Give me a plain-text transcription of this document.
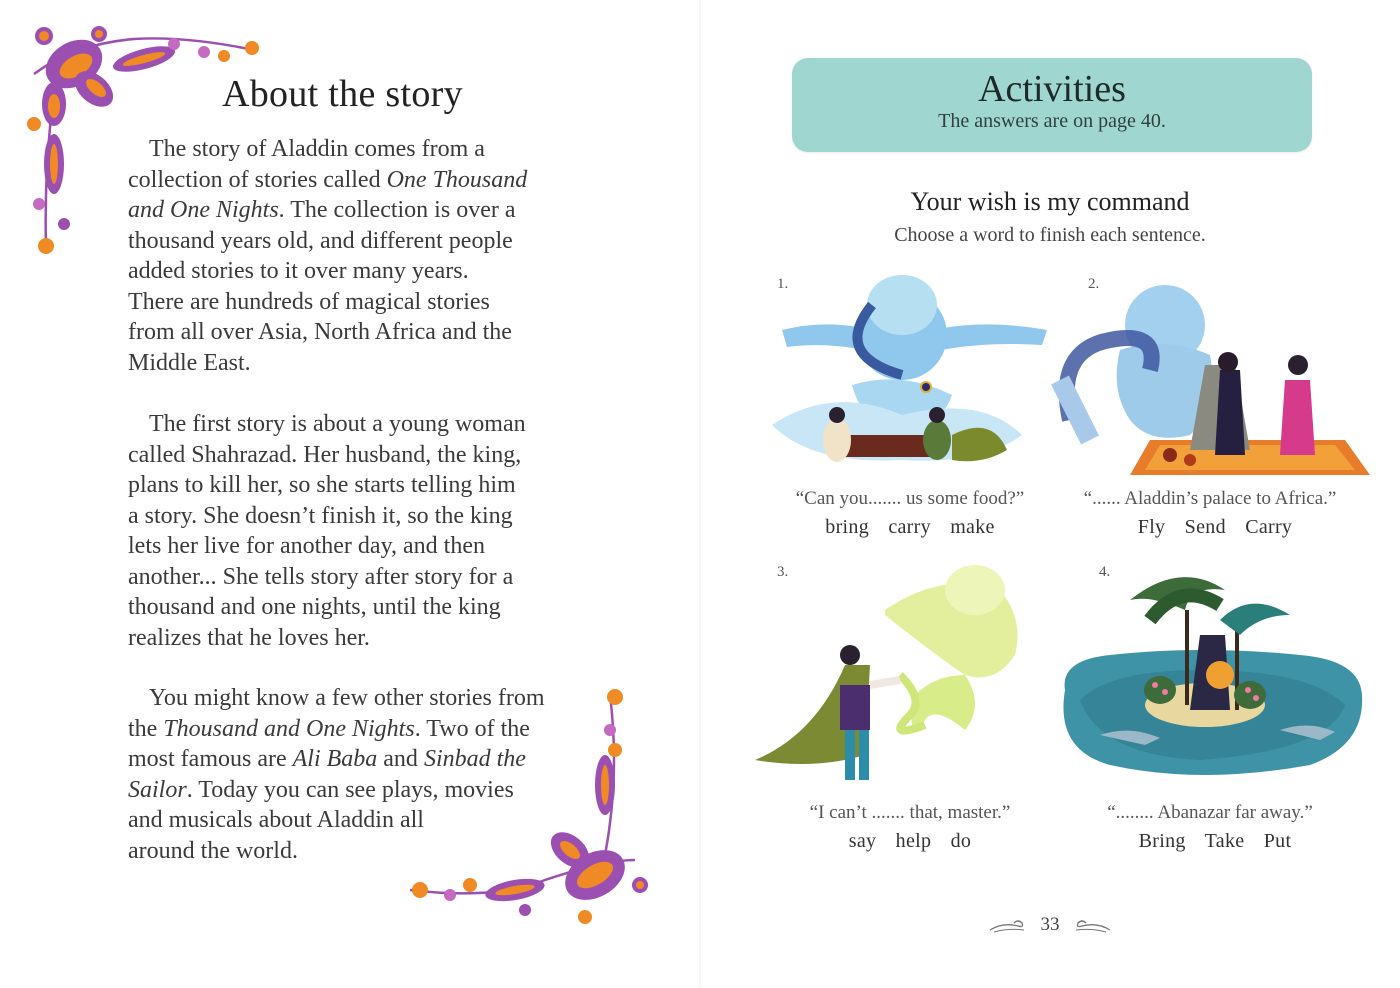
About the story

The story of Aladdin comes from a

collection of stories called One Thousand

and One Nights. The collection is over a

thousand years old, and different people

added stories to it over many years.

There are hundreds of magical stories

from all over Asia, North Africa and the

Middle East.

The first story is about a young woman

called Shahrazad. Her husband, the king,

plans to kill her, so she starts telling him

a story. She doesn’t finish it, so the king

lets her live for another day, and then

another... She tells story after story for a

thousand and one nights, until the king

realizes that he loves her.

You might know a few other stories from

the Thousand and One Nights. Two of the

most famous are Ali Baba and Sinbad the

Sailor. Today you can see plays, movies

and musicals about Aladdin all

around the world.

Activities
The answers are on page 40.
Your wish is my command
Choose a word to finish each sentence.
1.
“Can you....... us some food?”
bring carry make
2.
“...... Aladdin’s palace to Africa.”
Fly Send Carry
3.
“I can’t ....... that, master.”
say help do
4.
“........ Abanazar far away.”
Bring Take Put
33
